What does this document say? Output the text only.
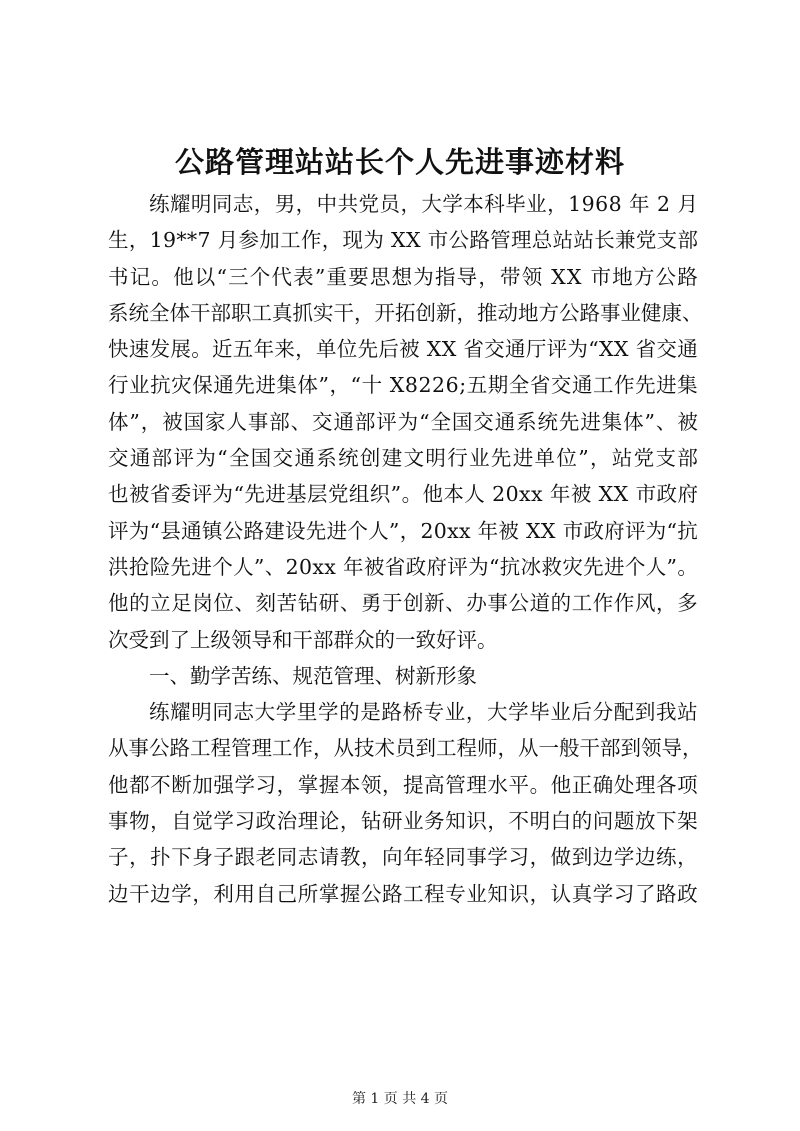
公路管理站站长个人先进事迹材料
练 耀 明 同 志 ， 男 ， 中 共 党 员 ， 大 学 本 科 毕 业 ， 1 9 6 8
年
2
月
生 ， 1 9 * * 7
月 参 加 工 作 ， 现 为
X X
市 公 路 管 理 总 站 站 长 兼 党 支 部
书 记 。 他 以 “ 三 个 代 表 ” 重 要 思 想 为 指 导 ， 带 领
X X
市 地 方 公 路
系 统 全 体 干 部 职 工 真 抓 实 干 ， 开 拓 创 新 ， 推 动 地 方 公 路 事 业 健 康 、
快 速 发 展 。 近 五 年 来 ， 单 位 先 后 被
X X
省 交 通 厅 评 为 “ X X
省 交 通
行 业 抗 灾 保 通 先 进 集 体 ” ， “ 十
X 8 2 2 6 ; 五 期 全 省 交 通 工 作 先 进 集
体 ” ， 被 国 家 人 事 部 、 交 通 部 评 为 “ 全 国 交 通 系 统 先 进 集 体 ” 、 被
交 通 部 评 为 “ 全 国 交 通 系 统 创 建 文 明 行 业 先 进 单 位 ” ， 站 党 支 部
也 被 省 委 评 为 “ 先 进 基 层 党 组 织 ” 。 他 本 人
2 0 x x
年 被
X X
市 政 府
评 为 “ 县 通 镇 公 路 建 设 先 进 个 人 ” ， 2 0 x x
年 被
X X
市 政 府 评 为 “ 抗
洪 抢 险 先 进 个 人 ” 、 2 0 x x
年 被 省 政 府 评 为 “ 抗 冰 救 灾 先 进 个 人 ” 。
他 的 立 足 岗 位 、 刻 苦 钻 研 、 勇 于 创 新 、 办 事 公 道 的 工 作 作 风 ， 多
次受到了上级领导和干部群众的一致好评。
一、勤学苦练、规范管理、树新形象
练 耀 明 同 志 大 学 里 学 的 是 路 桥 专 业 ， 大 学 毕 业 后 分 配 到 我 站
从 事 公 路 工 程 管 理 工 作 ， 从 技 术 员 到 工 程 师 ， 从 一 般 干 部 到 领 导 ，
他 都 不 断 加 强 学 习 ， 掌 握 本 领 ， 提 高 管 理 水 平 。 他 正 确 处 理 各 项
事 物 ， 自 觉 学 习 政 治 理 论 ， 钻 研 业 务 知 识 ， 不 明 白 的 问 题 放 下 架
子 ， 扑 下 身 子 跟 老 同 志 请 教 ， 向 年 轻 同 事 学 习 ， 做 到 边 学 边 练 ，
边 干 边 学 ， 利 用 自 己 所 掌 握 公 路 工 程 专 业 知 识 ， 认 真 学 习 了 路 政
第 1 页 共 4 页
